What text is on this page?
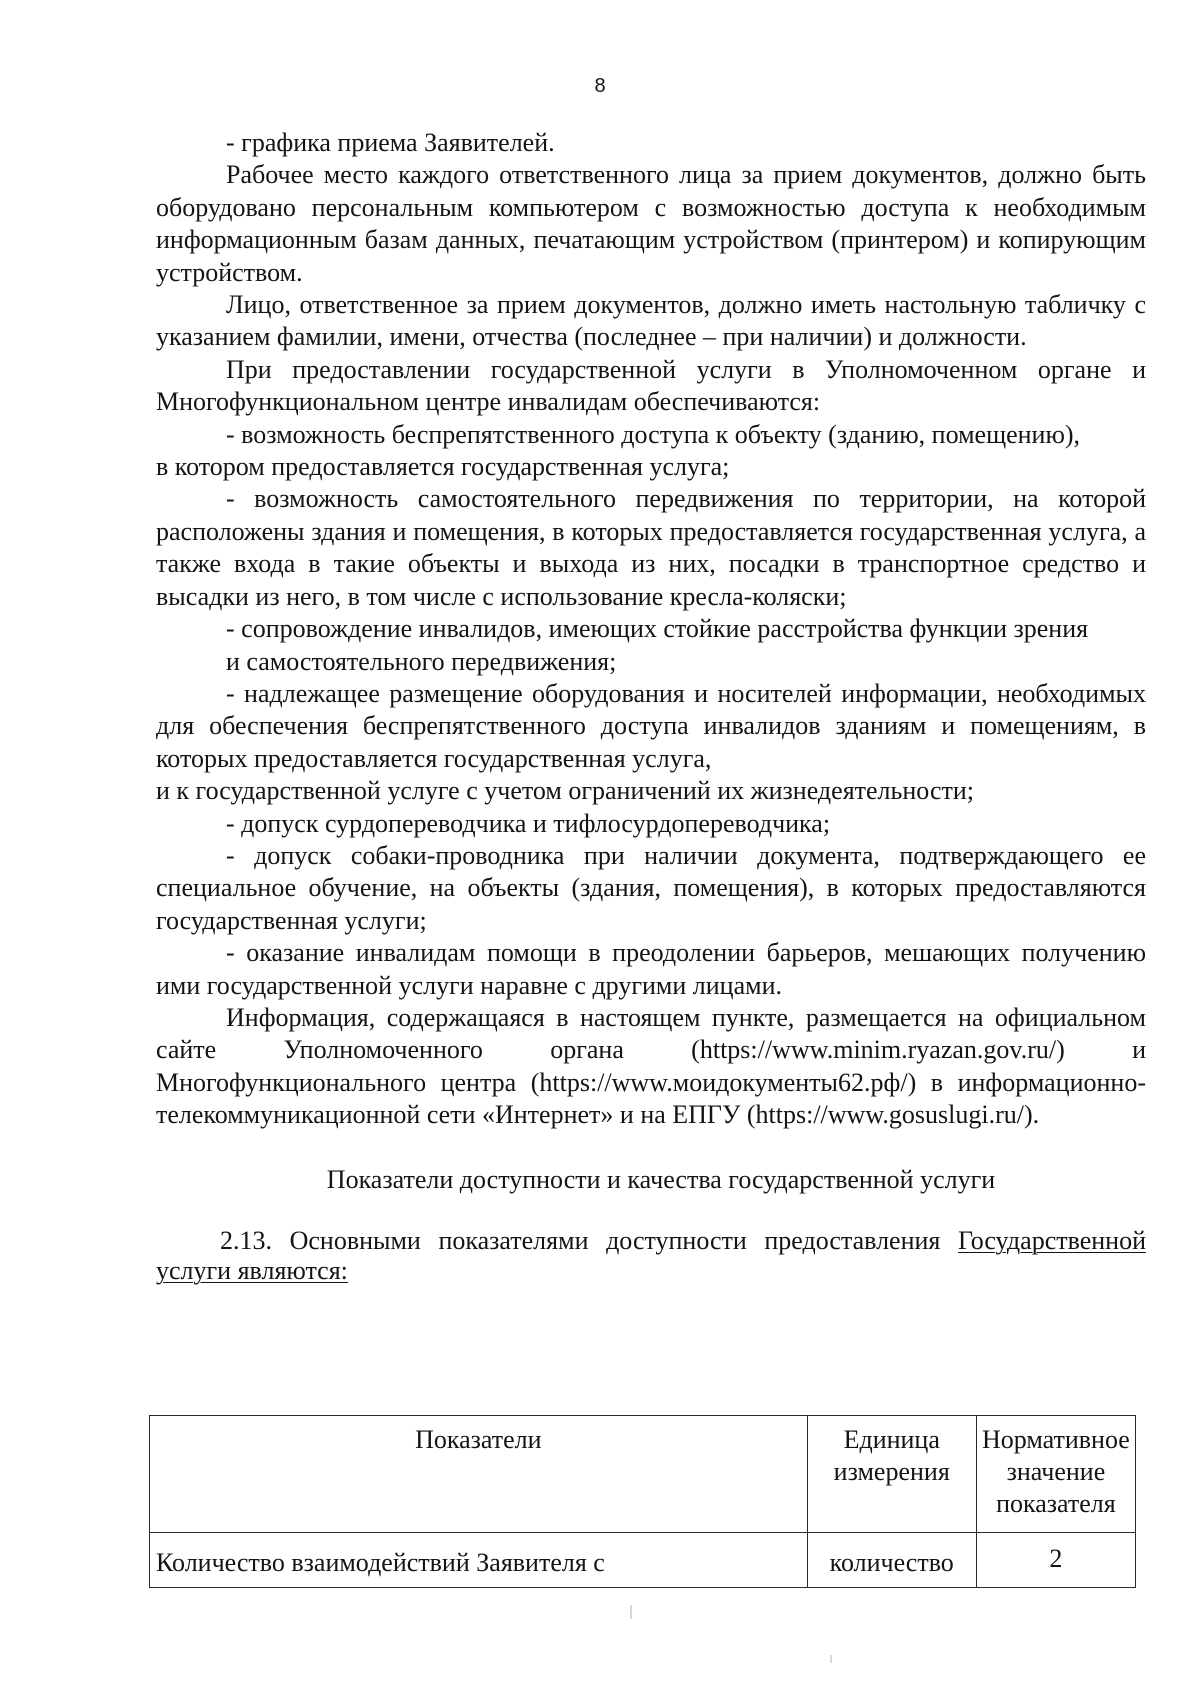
8

- графика приема Заявителей.

Рабочее место каждого ответственного лица за прием документов, должно быть оборудовано персональным компьютером с возможностью доступа к необходимым информационным базам данных, печатающим устройством (принтером) и копирующим устройством.

Лицо, ответственное за прием документов, должно иметь настольную табличку с указанием фамилии, имени, отчества (последнее – при наличии) и должности.

При предоставлении государственной услуги в Уполномоченном органе и Многофункциональном центре инвалидам обеспечиваются:

- возможность беспрепятственного доступа к объекту (зданию, помещению),

в котором предоставляется государственная услуга;

- возможность самостоятельного передвижения по территории, на которой расположены здания и помещения, в которых предоставляется государственная услуга, а также входа в такие объекты и выхода из них, посадки в транспортное средство и высадки из него, в том числе с использование кресла-коляски;

- сопровождение инвалидов, имеющих стойкие расстройства функции зрения

и самостоятельного передвижения;

- надлежащее размещение оборудования и носителей информации, необходимых для обеспечения беспрепятственного доступа инвалидов зданиям и помещениям, в которых предоставляется государственная услуга,

и к государственной услуге с учетом ограничений их жизнедеятельности;

- допуск сурдопереводчика и тифлосурдопереводчика;

- допуск собаки-проводника при наличии документа, подтверждающего ее специальное обучение, на объекты (здания, помещения), в которых предоставляются государственная услуги;

- оказание инвалидам помощи в преодолении барьеров, мешающих получению ими государственной услуги наравне с другими лицами.

Информация, содержащаяся в настоящем пункте, размещается на официальном сайте Уполномоченного органа (https://www.minim.ryazan.gov.ru/) и Многофункционального центра (https://www.моидокументы62.рф/) в информационно-телекоммуникационной сети «Интернет» и на ЕПГУ (https://www.gosuslugi.ru/).

Показатели доступности и качества государственной услуги

2.13. Основными показателями доступности предоставления Государственной услуги являются:

Показатели	Единица измерения	Нормативное значение показателя
Количество взаимодействий Заявителя с	количество	2
